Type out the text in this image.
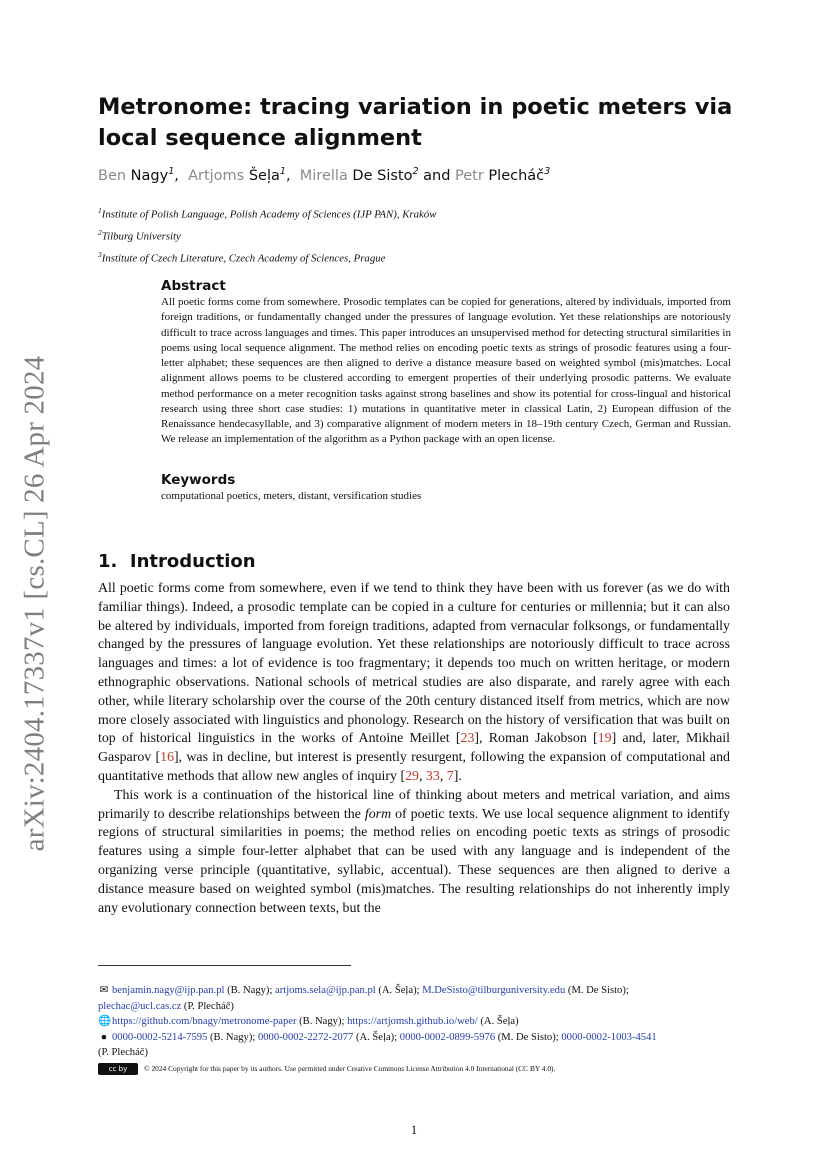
arXiv:2404.17337v1 [cs.CL] 26 Apr 2024
Metronome: tracing variation in poetic meters via local sequence alignment
Ben Nagy$^1$,  Artjoms Šeļa$^1$,  Mirella De Sisto$^2$ and Petr Plecháč$^3$
$^1$Institute of Polish Language, Polish Academy of Sciences (IJP PAN), Kraków
$^2$Tilburg University
$^3$Institute of Czech Literature, Czech Academy of Sciences, Prague
Abstract

All poetic forms come from somewhere. Prosodic templates can be copied for generations, altered by individuals, imported from foreign traditions, or fundamentally changed under the pressures of language evolution. Yet these relationships are notoriously difficult to trace across languages and times. This paper introduces an unsupervised method for detecting structural similarities in poems using local sequence alignment. The method relies on encoding poetic texts as strings of prosodic features using a four-letter alphabet; these sequences are then aligned to derive a distance measure based on weighted symbol (mis)matches. Local alignment allows poems to be clustered according to emergent properties of their underlying prosodic patterns. We evaluate method performance on a meter recognition tasks against strong baselines and show its potential for cross-lingual and historical research using three short case studies: 1) mutations in quantitative meter in classical Latin, 2) European diffusion of the Renaissance hendecasyllable, and 3) comparative alignment of modern meters in 18–19th century Czech, German and Russian. We release an implementation of the algorithm as a Python package with an open license.

Keywords

computational poetics, meters, distant, versification studies

1. Introduction

All poetic forms come from somewhere, even if we tend to think they have been with us forever (as we do with familiar things). Indeed, a prosodic template can be copied in a culture for centuries or millennia; but it can also be altered by individuals, imported from foreign traditions, adapted from vernacular folksongs, or fundamentally changed by the pressures of language evolution. Yet these relationships are notoriously difficult to trace across languages and times: a lot of evidence is too fragmentary; it depends too much on written heritage, or modern ethnographic observations. National schools of metrical studies are also disparate, and rarely agree with each other, while literary scholarship over the course of the 20th century distanced itself from metrics, which are now more closely associated with linguistics and phonology. Research on the history of versification that was built on top of historical linguistics in the works of Antoine Meillet [23], Roman Jakobson [19] and, later, Mikhail Gasparov [16], was in decline, but interest is presently resurgent, following the expansion of computational and quantitative methods that allow new angles of inquiry [29, 33, 7].

This work is a continuation of the historical line of thinking about meters and metrical variation, and aims primarily to describe relationships between the form of poetic texts. We use local sequence alignment to identify regions of structural similarities in poems; the method relies on encoding poetic texts as strings of prosodic features using a simple four-letter alphabet that can be used with any language and is independent of the organizing verse principle (quantitative, syllabic, accentual). These sequences are then aligned to derive a distance measure based on weighted symbol (mis)matches. The resulting relationships do not inherently imply any evolutionary connection between texts, but the

✉ benjamin.nagy@ijp.pan.pl (B. Nagy); artjoms.sela@ijp.pan.pl (A. Šeļa); M.DeSisto@tilburguniversity.edu (M. De Sisto);
plechac@ucl.cas.cz (P. Plecháč)
🌐https://github.com/bnagy/metronome-paper (B. Nagy); https://artjomsh.github.io/web/ (A. Šeļa)
● 0000-0002-5214-7595 (B. Nagy); 0000-0002-2272-2077 (A. Šeļa); 0000-0002-0899-5976 (M. De Sisto); 0000-0002-1003-4541
(P. Plecháč)
cc by © 2024 Copyright for this paper by its authors. Use permitted under Creative Commons License Attribution 4.0 International (CC BY 4.0).
1
